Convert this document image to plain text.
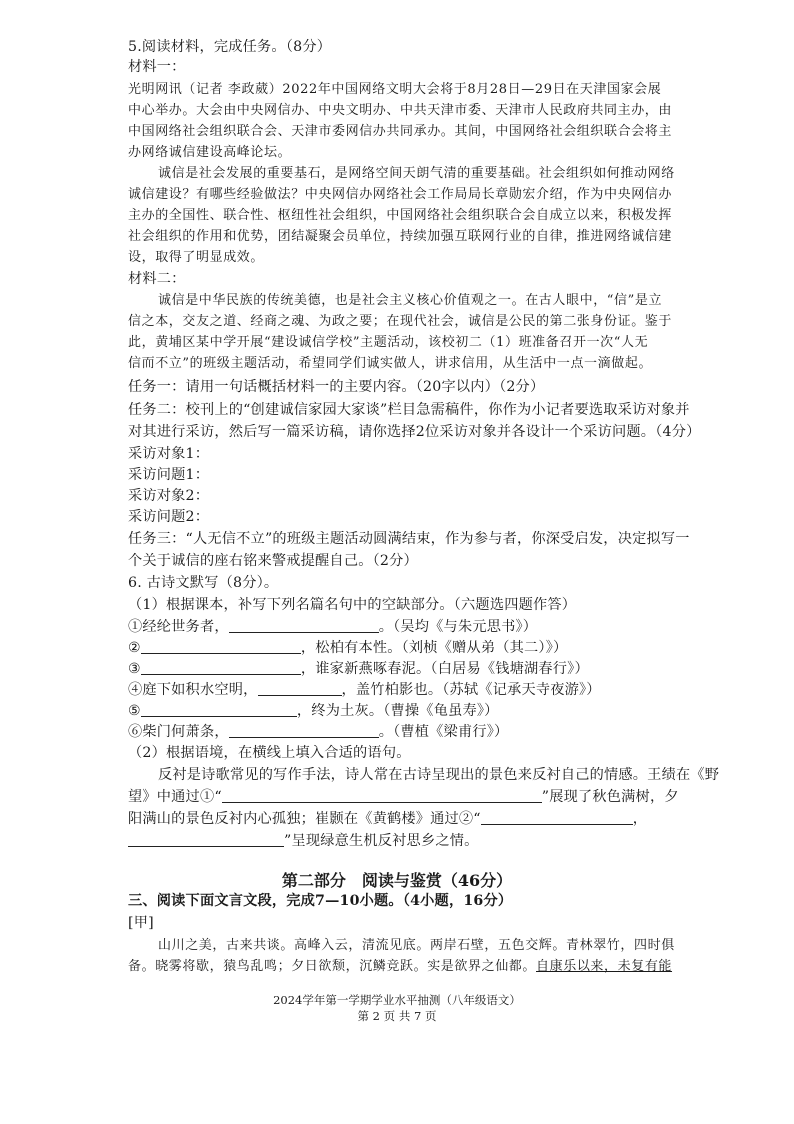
5.阅读材料，完成任务。（8分）
材料一：
光明网讯（记者 李政葳）2022年中国网络文明大会将于8月28日—29日在天津国家会展
中心举办。大会由中央网信办、中央文明办、中共天津市委、天津市人民政府共同主办，由
中国网络社会组织联合会、天津市委网信办共同承办。其间，中国网络社会组织联合会将主
办网络诚信建设高峰论坛。
诚信是社会发展的重要基石，是网络空间天朗气清的重要基础。社会组织如何推动网络
诚信建设？有哪些经验做法？中央网信办网络社会工作局局长章勋宏介绍，作为中央网信办
主办的全国性、联合性、枢纽性社会组织，中国网络社会组织联合会自成立以来，积极发挥
社会组织的作用和优势，团结凝聚会员单位，持续加强互联网行业的自律，推进网络诚信建
设，取得了明显成效。
材料二：
诚信是中华民族的传统美德，也是社会主义核心价值观之一。在古人眼中，“信”是立
信之本，交友之道、经商之魂、为政之要；在现代社会，诚信是公民的第二张身份证。鉴于
此，黄埔区某中学开展“建设诚信学校”主题活动，该校初二（1）班准备召开一次“人无
信而不立”的班级主题活动，希望同学们诚实做人，讲求信用，从生活中一点一滴做起。
任务一：请用一句话概括材料一的主要内容。（20字以内）（2分）
任务二：校刊上的“创建诚信家园大家谈”栏目急需稿件，你作为小记者要选取采访对象并
对其进行采访，然后写一篇采访稿，请你选择2位采访对象并各设计一个采访问题。（4分）
采访对象1：
采访问题1：
采访对象2：
采访问题2：
任务三：“人无信不立”的班级主题活动圆满结束，作为参与者，你深受启发，决定拟写一
个关于诚信的座右铭来警戒提醒自己。（2分）
6. 古诗文默写（8分）。
（1）根据课本，补写下列名篇名句中的空缺部分。（六题选四题作答）
①经纶世务者，	。（吴均《与朱元思书》）
②	，松柏有本性。（刘桢《赠从弟（其二）》）
③	，谁家新燕啄春泥。（白居易《钱塘湖春行》）
④庭下如积水空明，	，盖竹柏影也。（苏轼《记承天寺夜游》）
⑤	，终为土灰。（曹操《龟虽寿》）
⑥柴门何萧条，	。（曹植《梁甫行》）
（2）根据语境，在横线上填入合适的语句。
反衬是诗歌常见的写作手法，诗人常在古诗呈现出的景色来反衬自己的情感。王绩在《野
望》中通过①“	”展现了秋色满树，夕
阳满山的景色反衬内心孤独；崔颢在《黄鹤楼》通过②“	，
”呈现绿意生机反衬思乡之情。
第二部分　阅读与鉴赏（46分）
三、阅读下面文言文段，完成7—10小题。（4小题，16分）
[甲]
山川之美，古来共谈。高峰入云，清流见底。两岸石壁，五色交辉。青林翠竹，四时俱
备。晓雾将歇，猿鸟乱鸣；夕日欲颓，沉鳞竞跃。实是欲界之仙都。自康乐以来，未复有能
2024学年第一学期学业水平抽测（八年级语文）
第 2 页 共 7 页
